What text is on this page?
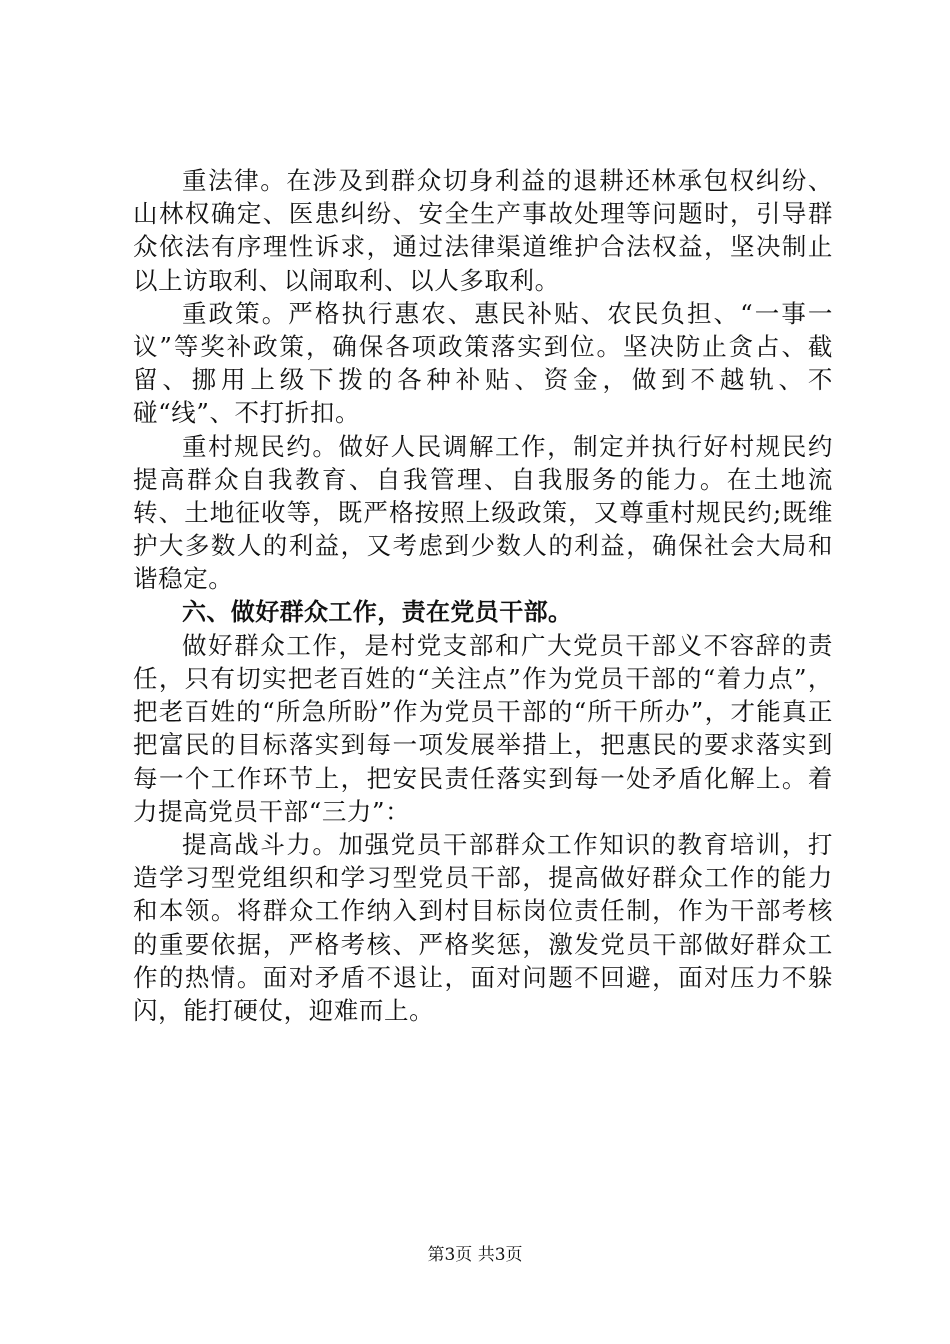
重法律。在涉及到群众切身利益的退耕还林承包权纠纷、山林权确定、医患纠纷、安全生产事故处理等问题时，引导群众依法有序理性诉求，通过法律渠道维护合法权益，坚决制止以上访取利、以闹取利、以人多取利。

重政策。严格执行惠农、惠民补贴、农民负担、“一事一议”等奖补政策，确保各项政策落实到位。坚决防止贪占、截留、挪用上级下拨的各种补贴、资金，做到不越轨、不碰“线”、不打折扣。

重村规民约。做好人民调解工作，制定并执行好村规民约提高群众自我教育、自我管理、自我服务的能力。在土地流转、土地征收等，既严格按照上级政策，又尊重村规民约;既维护大多数人的利益，又考虑到少数人的利益，确保社会大局和谐稳定。

六、做好群众工作，责在党员干部。

做好群众工作，是村党支部和广大党员干部义不容辞的责任，只有切实把老百姓的“关注点”作为党员干部的“着力点”，把老百姓的“所急所盼”作为党员干部的“所干所办”，才能真正把富民的目标落实到每一项发展举措上，把惠民的要求落实到每一个工作环节上，把安民责任落实到每一处矛盾化解上。着力提高党员干部“三力”：

提高战斗力。加强党员干部群众工作知识的教育培训，打造学习型党组织和学习型党员干部，提高做好群众工作的能力和本领。将群众工作纳入到村目标岗位责任制，作为干部考核的重要依据，严格考核、严格奖惩，激发党员干部做好群众工作的热情。面对矛盾不退让，面对问题不回避，面对压力不躲闪，能打硬仗，迎难而上。

第3页 共3页
